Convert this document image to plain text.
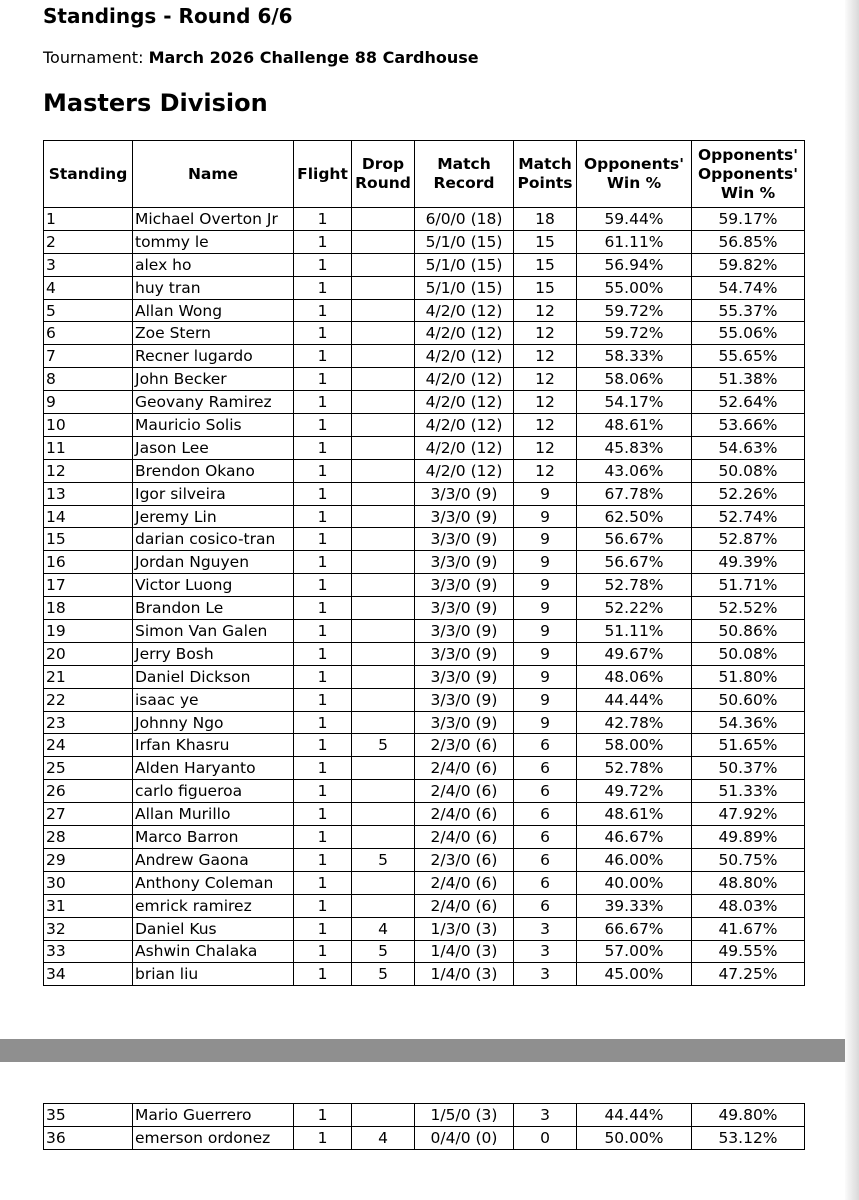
Standings - Round 6/6
Tournament: March 2026 Challenge 88 Cardhouse
Masters Division
Standing	Name	Flight	Drop Round	Match Record	Match Points	Opponents' Win %	Opponents' Opponents' Win %
1	Michael Overton Jr	1		6/0/0 (18)	18	59.44%	59.17%
2	tommy le	1		5/1/0 (15)	15	61.11%	56.85%
3	alex ho	1		5/1/0 (15)	15	56.94%	59.82%
4	huy tran	1		5/1/0 (15)	15	55.00%	54.74%
5	Allan Wong	1		4/2/0 (12)	12	59.72%	55.37%
6	Zoe Stern	1		4/2/0 (12)	12	59.72%	55.06%
7	Recner lugardo	1		4/2/0 (12)	12	58.33%	55.65%
8	John Becker	1		4/2/0 (12)	12	58.06%	51.38%
9	Geovany Ramirez	1		4/2/0 (12)	12	54.17%	52.64%
10	Mauricio Solis	1		4/2/0 (12)	12	48.61%	53.66%
11	Jason Lee	1		4/2/0 (12)	12	45.83%	54.63%
12	Brendon Okano	1		4/2/0 (12)	12	43.06%	50.08%
13	Igor silveira	1		3/3/0 (9)	9	67.78%	52.26%
14	Jeremy Lin	1		3/3/0 (9)	9	62.50%	52.74%
15	darian cosico-tran	1		3/3/0 (9)	9	56.67%	52.87%
16	Jordan Nguyen	1		3/3/0 (9)	9	56.67%	49.39%
17	Victor Luong	1		3/3/0 (9)	9	52.78%	51.71%
18	Brandon Le	1		3/3/0 (9)	9	52.22%	52.52%
19	Simon Van Galen	1		3/3/0 (9)	9	51.11%	50.86%
20	Jerry Bosh	1		3/3/0 (9)	9	49.67%	50.08%
21	Daniel Dickson	1		3/3/0 (9)	9	48.06%	51.80%
22	isaac ye	1		3/3/0 (9)	9	44.44%	50.60%
23	Johnny Ngo	1		3/3/0 (9)	9	42.78%	54.36%
24	Irfan Khasru	1	5	2/3/0 (6)	6	58.00%	51.65%
25	Alden Haryanto	1		2/4/0 (6)	6	52.78%	50.37%
26	carlo figueroa	1		2/4/0 (6)	6	49.72%	51.33%
27	Allan Murillo	1		2/4/0 (6)	6	48.61%	47.92%
28	Marco Barron	1		2/4/0 (6)	6	46.67%	49.89%
29	Andrew Gaona	1	5	2/3/0 (6)	6	46.00%	50.75%
30	Anthony Coleman	1		2/4/0 (6)	6	40.00%	48.80%
31	emrick ramirez	1		2/4/0 (6)	6	39.33%	48.03%
32	Daniel Kus	1	4	1/3/0 (3)	3	66.67%	41.67%
33	Ashwin Chalaka	1	5	1/4/0 (3)	3	57.00%	49.55%
34	brian liu	1	5	1/4/0 (3)	3	45.00%	47.25%
35	Mario Guerrero	1		1/5/0 (3)	3	44.44%	49.80%
36	emerson ordonez	1	4	0/4/0 (0)	0	50.00%	53.12%
